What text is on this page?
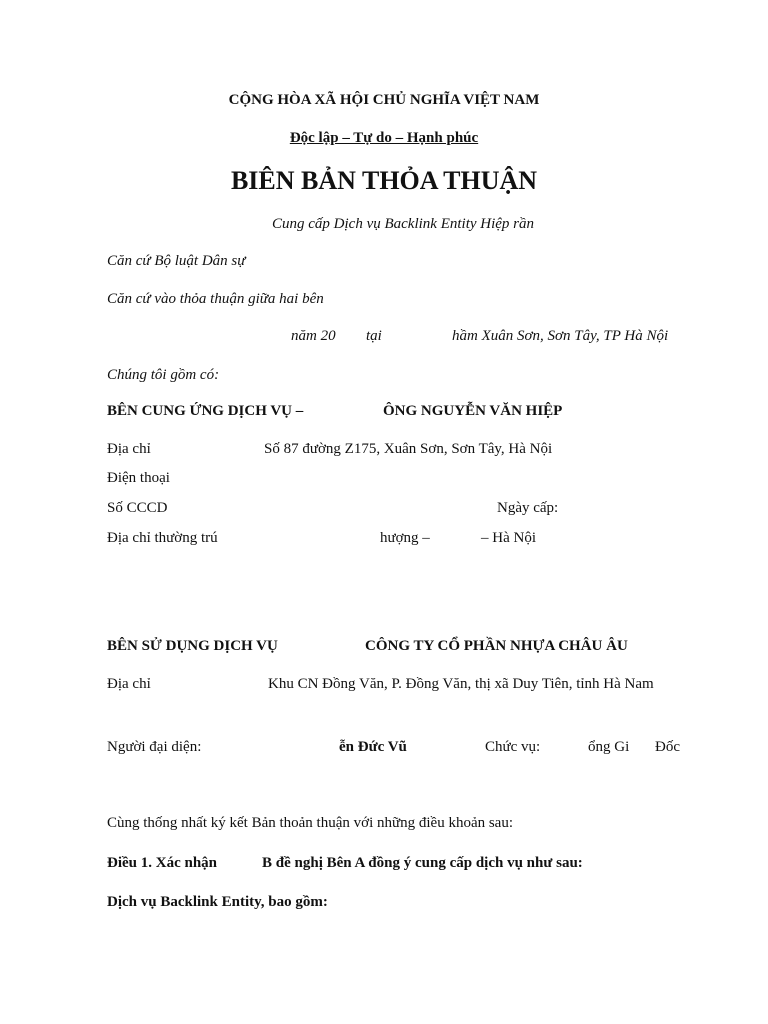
CỘNG HÒA XÃ HỘI CHỦ NGHĨA VIỆT NAM
Độc lập – Tự do – Hạnh phúc
BIÊN BẢN THỎA THUẬN
Cung cấp Dịch vụ Backlink Entity Hiệp rần
Căn cứ Bộ luật Dân sự
Căn cứ vào thỏa thuận giữa hai bên
năm 20 tại	hầm Xuân Sơn, Sơn Tây, TP Hà Nội
Chúng tôi gồm có:
BÊN CUNG ỨNG DỊCH VỤ –	ÔNG NGUYỄN VĂN HIỆP
Địa chỉ	Số 87 đường Z175, Xuân Sơn, Sơn Tây, Hà Nội
Điện thoại
Số CCCD	Ngày cấp:
Địa chỉ thường trú	hượng –	– Hà Nội
BÊN SỬ DỤNG DỊCH VỤ	CÔNG TY CỔ PHẦN NHỰA CHÂU ÂU
Địa chỉ	Khu CN Đồng Văn, P. Đồng Văn, thị xã Duy Tiên, tỉnh Hà Nam
Người đại diện:	ễn Đức Vũ	Chức vụ:	ổng Gi Đốc
Cùng thống nhất ký kết Bản thoản thuận với những điều khoản sau:
Điều 1. Xác nhận	B đề nghị Bên A đồng ý cung cấp dịch vụ như sau:
Dịch vụ Backlink Entity, bao gồm:
